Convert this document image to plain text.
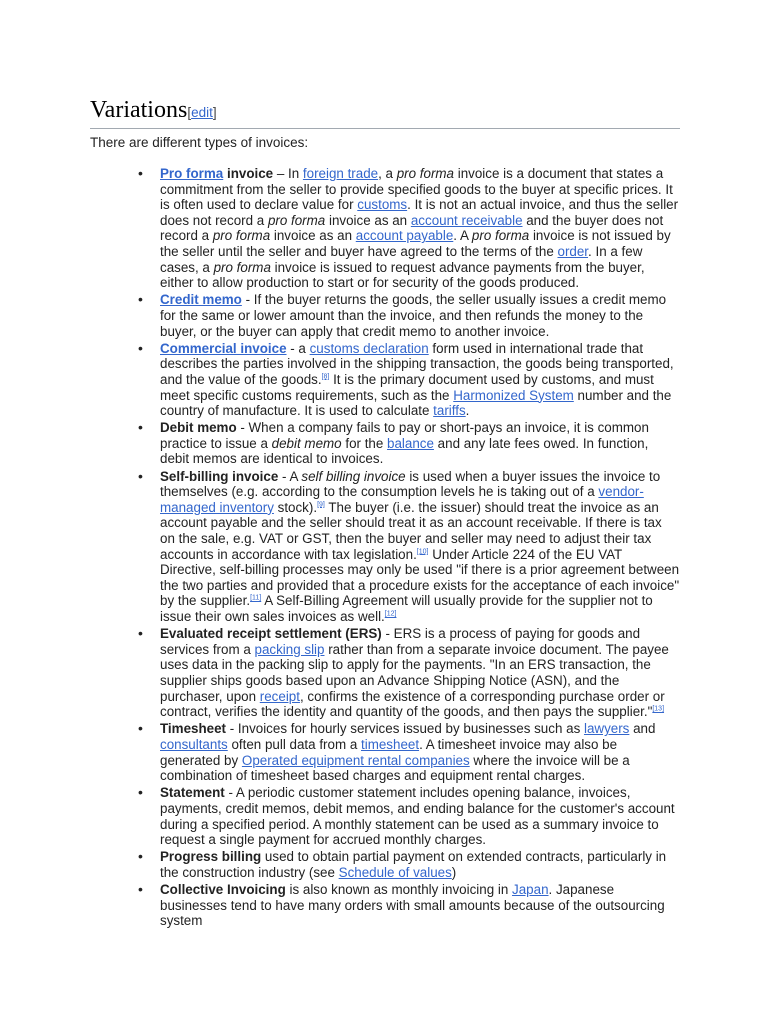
Variations[edit]

There are different types of invoices:

• Pro forma invoice – In foreign trade, a pro forma invoice is a document that states a commitment from the seller to provide specified goods to the buyer at specific prices. It is often used to declare value for customs. It is not an actual invoice, and thus the seller does not record a pro forma invoice as an account receivable and the buyer does not record a pro forma invoice as an account payable. A pro forma invoice is not issued by the seller until the seller and buyer have agreed to the terms of the order. In a few cases, a pro forma invoice is issued to request advance payments from the buyer, either to allow production to start or for security of the goods produced.
• Credit memo - If the buyer returns the goods, the seller usually issues a credit memo for the same or lower amount than the invoice, and then refunds the money to the buyer, or the buyer can apply that credit memo to another invoice.
• Commercial invoice - a customs declaration form used in international trade that describes the parties involved in the shipping transaction, the goods being transported, and the value of the goods.[8] It is the primary document used by customs, and must meet specific customs requirements, such as the Harmonized System number and the country of manufacture. It is used to calculate tariffs.
• Debit memo - When a company fails to pay or short-pays an invoice, it is common practice to issue a debit memo for the balance and any late fees owed. In function, debit memos are identical to invoices.
• Self-billing invoice - A self billing invoice is used when a buyer issues the invoice to themselves (e.g. according to the consumption levels he is taking out of a vendor-managed inventory stock).[9] The buyer (i.e. the issuer) should treat the invoice as an account payable and the seller should treat it as an account receivable. If there is tax on the sale, e.g. VAT or GST, then the buyer and seller may need to adjust their tax accounts in accordance with tax legislation.[10] Under Article 224 of the EU VAT Directive, self-billing processes may only be used "if there is a prior agreement between the two parties and provided that a procedure exists for the acceptance of each invoice" by the supplier.[11] A Self-Billing Agreement will usually provide for the supplier not to issue their own sales invoices as well.[12]
• Evaluated receipt settlement (ERS) - ERS is a process of paying for goods and services from a packing slip rather than from a separate invoice document. The payee uses data in the packing slip to apply for the payments. "In an ERS transaction, the supplier ships goods based upon an Advance Shipping Notice (ASN), and the purchaser, upon receipt, confirms the existence of a corresponding purchase order or contract, verifies the identity and quantity of the goods, and then pays the supplier."[13]
• Timesheet - Invoices for hourly services issued by businesses such as lawyers and consultants often pull data from a timesheet. A timesheet invoice may also be generated by Operated equipment rental companies where the invoice will be a combination of timesheet based charges and equipment rental charges.
• Statement - A periodic customer statement includes opening balance, invoices, payments, credit memos, debit memos, and ending balance for the customer's account during a specified period. A monthly statement can be used as a summary invoice to request a single payment for accrued monthly charges.
• Progress billing used to obtain partial payment on extended contracts, particularly in the construction industry (see Schedule of values)
• Collective Invoicing is also known as monthly invoicing in Japan. Japanese businesses tend to have many orders with small amounts because of the outsourcing system
